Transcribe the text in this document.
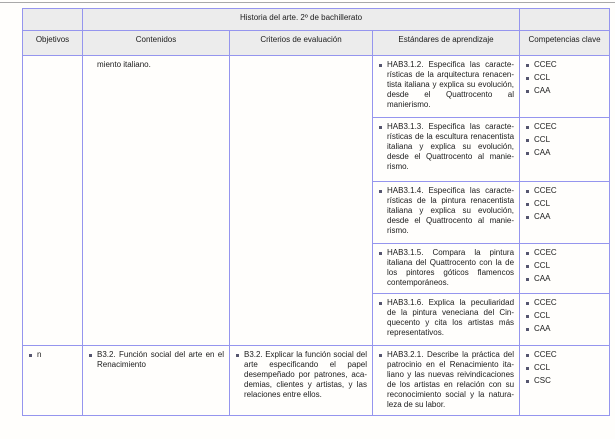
	Historia del arte. 2º de bachillerato			
Objetivos	Contenidos	Criterios de evaluación	Estándares de aprendizaje	Competencias clave

	miento italiano.		HAB3.1.2. Especifica las características de la arquitectura renacentista italiana y explica su evolución, desde el Quattrocento al manierismo.	CCEC
CCL
CAA

			HAB3.1.3. Especifica las características de la escultura renacentista italiana y explica su evolución, desde el Quattrocento al manierismo.	CCEC
CCL
CAA

			HAB3.1.4. Especifica las características de la pintura renacentista italiana y explica su evolución, desde el Quattrocento al manierismo.	CCEC
CCL
CAA

			HAB3.1.5. Compara la pintura italiana del Quattrocento con la de los pintores góticos flamencos contemporáneos.	CCEC
CCL
CAA

			HAB3.1.6. Explica la peculiaridad de la pintura veneciana del Cinquecento y cita los artistas más representativos.	CCEC
CCL
CAA

n	B3.2. Función social del arte en el Renacimiento	B3.2. Explicar la función social del arte especificando el papel desempeñado por patrones, academias, clientes y artistas, y las relaciones entre ellos.	HAB3.2.1. Describe la práctica del patrocinio en el Renacimiento italiano y las nuevas reivindicaciones de los artistas en relación con su reconocimiento social y la naturaleza de su labor.	CCEC
CCL
CSC
